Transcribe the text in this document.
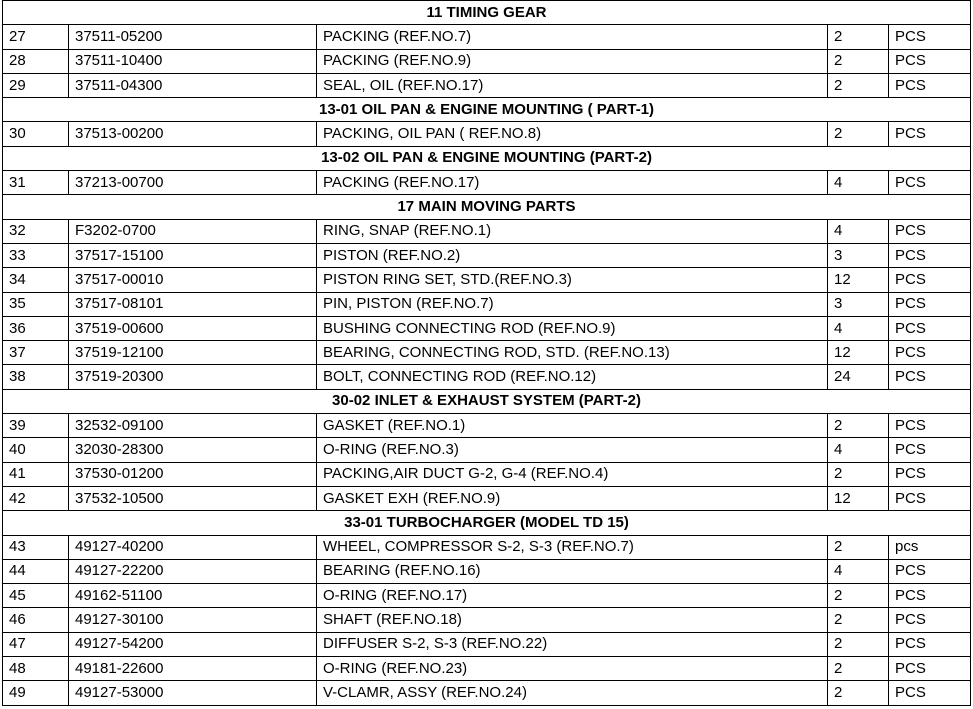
11 TIMING GEAR				
27	37511-05200	PACKING (REF.NO.7)	2	PCS
28	37511-10400	PACKING (REF.NO.9)	2	PCS
29	37511-04300	SEAL, OIL (REF.NO.17)	2	PCS
13-01 OIL PAN & ENGINE MOUNTING ( PART-1)				
30	37513-00200	PACKING, OIL PAN ( REF.NO.8)	2	PCS
13-02 OIL PAN & ENGINE MOUNTING (PART-2)				
31	37213-00700	PACKING (REF.NO.17)	4	PCS
17 MAIN MOVING PARTS				
32	F3202-0700	RING, SNAP (REF.NO.1)	4	PCS
33	37517-15100	PISTON (REF.NO.2)	3	PCS
34	37517-00010	PISTON RING SET, STD.(REF.NO.3)	12	PCS
35	37517-08101	PIN, PISTON (REF.NO.7)	3	PCS
36	37519-00600	BUSHING CONNECTING ROD (REF.NO.9)	4	PCS
37	37519-12100	BEARING, CONNECTING ROD, STD. (REF.NO.13)	12	PCS
38	37519-20300	BOLT, CONNECTING ROD (REF.NO.12)	24	PCS
30-02 INLET & EXHAUST SYSTEM (PART-2)				
39	32532-09100	GASKET (REF.NO.1)	2	PCS
40	32030-28300	O-RING (REF.NO.3)	4	PCS
41	37530-01200	PACKING,AIR DUCT G-2, G-4 (REF.NO.4)	2	PCS
42	37532-10500	GASKET EXH (REF.NO.9)	12	PCS
33-01 TURBOCHARGER (MODEL TD 15)				
43	49127-40200	WHEEL, COMPRESSOR S-2, S-3 (REF.NO.7)	2	pcs
44	49127-22200	BEARING (REF.NO.16)	4	PCS
45	49162-51100	O-RING (REF.NO.17)	2	PCS
46	49127-30100	SHAFT (REF.NO.18)	2	PCS
47	49127-54200	DIFFUSER S-2, S-3 (REF.NO.22)	2	PCS
48	49181-22600	O-RING (REF.NO.23)	2	PCS
49	49127-53000	V-CLAMR, ASSY (REF.NO.24)	2	PCS
